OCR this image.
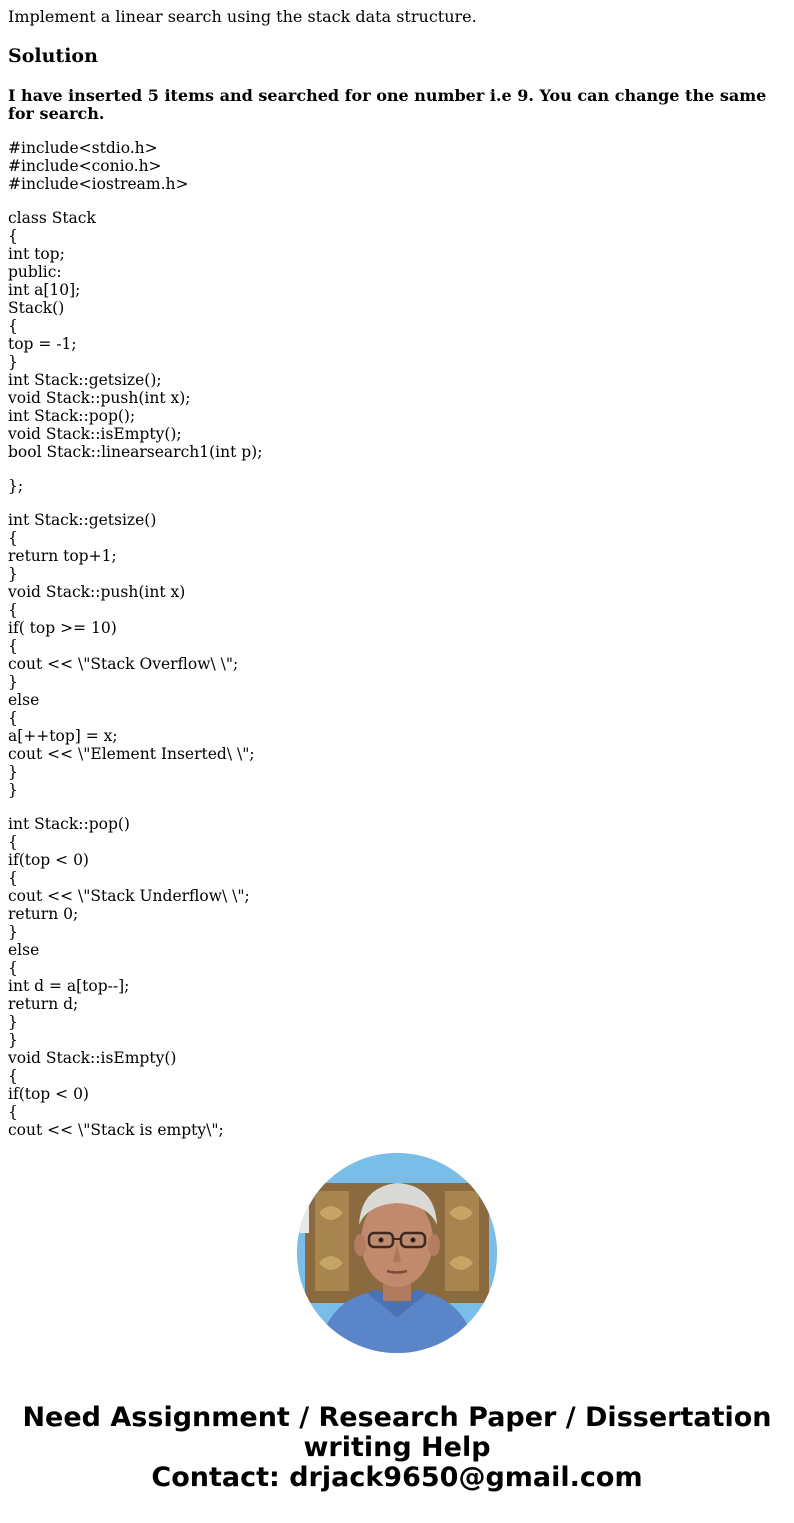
Implement a linear search using the stack data structure.
Solution
I have inserted 5 items and searched for one number i.e 9. You can change the same for search.
#include<stdio.h>
#include<conio.h>
#include<iostream.h>
class Stack
{
int top;
public:
int a[10];
Stack()
{
top = -1;
}
int Stack::getsize();
void Stack::push(int x);
int Stack::pop();
void Stack::isEmpty();
bool Stack::linearsearch1(int p);
};
int Stack::getsize()
{
return top+1;
}
void Stack::push(int x)
{
if( top >= 10)
{
cout << \"Stack Overflow\ \";
}
else
{
a[++top] = x;
cout << \"Element Inserted\ \";
}
}
int Stack::pop()
{
if(top < 0)
{
cout << \"Stack Underflow\ \";
return 0;
}
else
{
int d = a[top--];
return d;
}
}
void Stack::isEmpty()
{
if(top < 0)
{
cout << \"Stack is empty\";
Need Assignment / Research Paper / Dissertation
writing Help
Contact: drjack9650@gmail.com
